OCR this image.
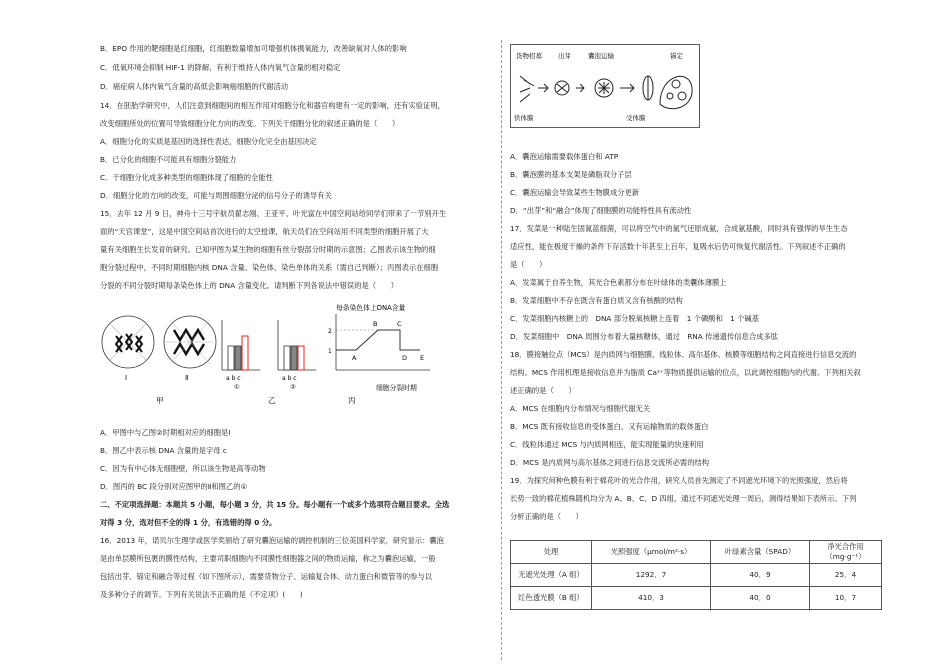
B．EPO 作用的靶细胞是红细胞，红细胞数量增加可增强机体携氧能力，改善缺氧对人体的影响
C．低氧环境会抑制 HIF-1 的降解，有利于维持人体内氧气含量的相对稳定
D．癌症病人体内氧气含量的高低会影响癌细胞的代谢活动
14．在胚胎学研究中，人们注意到细胞间的相互作用对细胞分化和器官构建有一定的影响，还有实验证明，
改变细胞所处的位置可导致细胞分化方向的改变。下列关于细胞分化的叙述正确的是（　　）
A．细胞分化的实质是基因的选择性表达，细胞分化完全由基因决定
B．已分化的细胞不可能具有细胞分裂能力
C．干细胞分化成多种类型的细胞体现了细胞的全能性
D．细胞分化的方向的改变，可能与周围细胞分泌的信号分子的诱导有关
15．去年 12 月 9 日，神舟十三号宇航员翟志刚、王亚平、叶光富在中国空间站给同学们带来了一节别开生
面的“天宫课堂”，这是中国空间站首次进行的太空授课，航天员们在空间站用不同类型的细胞开展了大
量有关细胞生长发育的研究。已知甲图为某生物的细胞有丝分裂部分时期的示意图；乙图表示该生物的细
胞分裂过程中，不同时期细胞内核 DNA 含量、染色体、染色单体的关系（需自己判断）；丙图表示在细胞
分裂的不同分裂时期每条染色体上的 DNA 含量变化。请判断下列各说法中错误的是（　　）
Ⅰ	Ⅱ
甲
a b c
①
a b c
②
乙
每条染色体上DNA含量
2
1
A
B	C
D E
细胞分裂时期
丙
A．甲图中与乙图②时期相对应的细胞是Ⅰ
B．图乙中表示核 DNA 含量的是字母 c
C．因为有中心体无细胞壁，所以该生物是高等动物
D．图丙的 BC 段分别对应图甲的Ⅱ和图乙的①
二、不定项选择题：本题共 5 小题，每小题 3 分，共 15 分。每小题有一个或多个选项符合题目要求。全选
对得 3 分，选对但不全的得 1 分，有选错的得 0 分。
16．2013 年，诺贝尔生理学或医学奖颁给了研究囊泡运输的调控机制的三位美国科学家，研究显示：囊泡
是由单层膜所包裹的膜性结构，主要司职细胞内不同膜性细胞器之间的物质运输，称之为囊泡运输，一般
包括出芽、锚定和融合等过程（如下图所示），需要货物分子、运输复合体、动力蛋白和微管等的参与以
及多种分子的调节。下列有关说法不正确的是（不定项）(　　)
货物招募 出芽	囊泡运输	锚定
供体膜	受体膜
A．囊泡运输需要载体蛋白和 ATP
B．囊泡膜的基本支架是磷脂双分子层
C．囊泡运输会导致某些生物膜成分更新
D．“出芽”和“融合”体现了细胞膜的功能特性具有流动性
17．发菜是一种陆生固氮蓝细菌，可以将空气中的氮气还原成氨，合成氨基酸，同时具有强悍的旱生生态
适应性，能在极度干燥的条件下存活数十年甚至上百年，复吸水后仍可恢复代谢活性。下列叙述不正确的
是（　　）
A．发菜属于自养生物，其光合色素都分布在叶绿体的类囊体薄膜上
B．发菜细胞中不存在既含有蛋白质又含有核酸的结构
C．发菜细胞内核糖上的　DNA 部分脱氧核糖上连着　1 个磷酸和　1 个碱基
D．发菜细胞中　DNA 周围分布着大量核糖体，通过　RNA 传递遗传信息合成多肽
18．膜接触位点（MCS）是内质网与细胞膜、线粒体、高尔基体、核膜等细胞结构之间直接进行信息交流的
结构。MCS 作用机理是接收信息并为脂质 Ca²⁺等物质提供运输的位点，以此调控细胞内的代谢。下列相关叙
述正确的是（　　）
A．MCS 在细胞内分布情况与细胞代谢无关
B．MCS 既有接收信息的受体蛋白，又有运输物质的载体蛋白
C．线粒体通过 MCS 与内质网相连，能实现能量的快速利用
D．MCS 是内质网与高尔基体之间进行信息交流所必需的结构
19．为探究何种色膜有利于棉花叶的光合作用，研究人员首先测定了不同遮光环境下的光照强度，然后将
长势一致的棉花植株随机均分为 A、B、C、D 四组，通过不同遮光处理一周后，测得结果如下表所示。下列
分析正确的是（　　）
处理	光照强度（μmol/m²·s）	叶绿素含量（SPAD）	净光合作用（mg·g⁻¹）
无遮光处理（A 组）	1292．7	40．9	25．4
红色透光膜（B 组）	410．3	40．0	10．7
